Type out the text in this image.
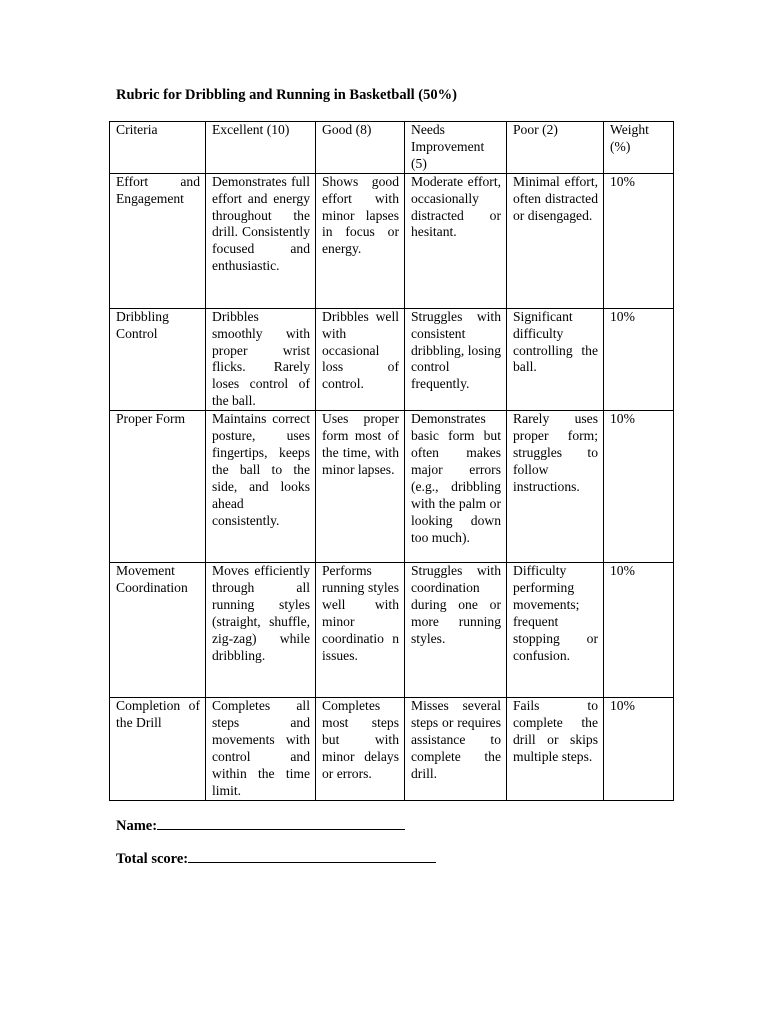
Rubric for Dribbling and Running in Basketball (50%)

Criteria	Excellent (10)	Good (8)	Needs Improvement (5)	Poor (2)	Weight (%)
Effort and Engagement	Demonstrates full effort and energy throughout the drill. Consistently focused and enthusiastic.	Shows good effort with minor lapses in focus or energy.	Moderate effort, occasionally distracted or hesitant.	Minimal effort, often distracted or disengaged.	10%
Dribbling Control	Dribbles smoothly with proper wrist flicks. Rarely loses control of the ball.	Dribbles well with occasional loss of control.	Struggles with consistent dribbling, losing control frequently.	Significant difficulty controlling the ball.	10%
Proper Form	Maintains correct posture, uses fingertips, keeps the ball to the side, and looks ahead consistently.	Uses proper form most of the time, with minor lapses.	Demonstrates basic form but often makes major errors (e.g., dribbling with the palm or looking down too much).	Rarely uses proper form; struggles to follow instructions.	10%
Movement Coordination	Moves efficiently through all running styles (straight, shuffle, zig-zag) while dribbling.	Performs running styles well with minor coordinatio n issues.	Struggles with coordination during one or more running styles.	Difficulty performing movements; frequent stopping or confusion.	10%
Completion of the Drill	Completes all steps and movements with control and within the time limit.	Completes most steps but with minor delays or errors.	Misses several steps or requires assistance to complete the drill.	Fails to complete the drill or skips multiple steps.	10%
Name:
Total score:
